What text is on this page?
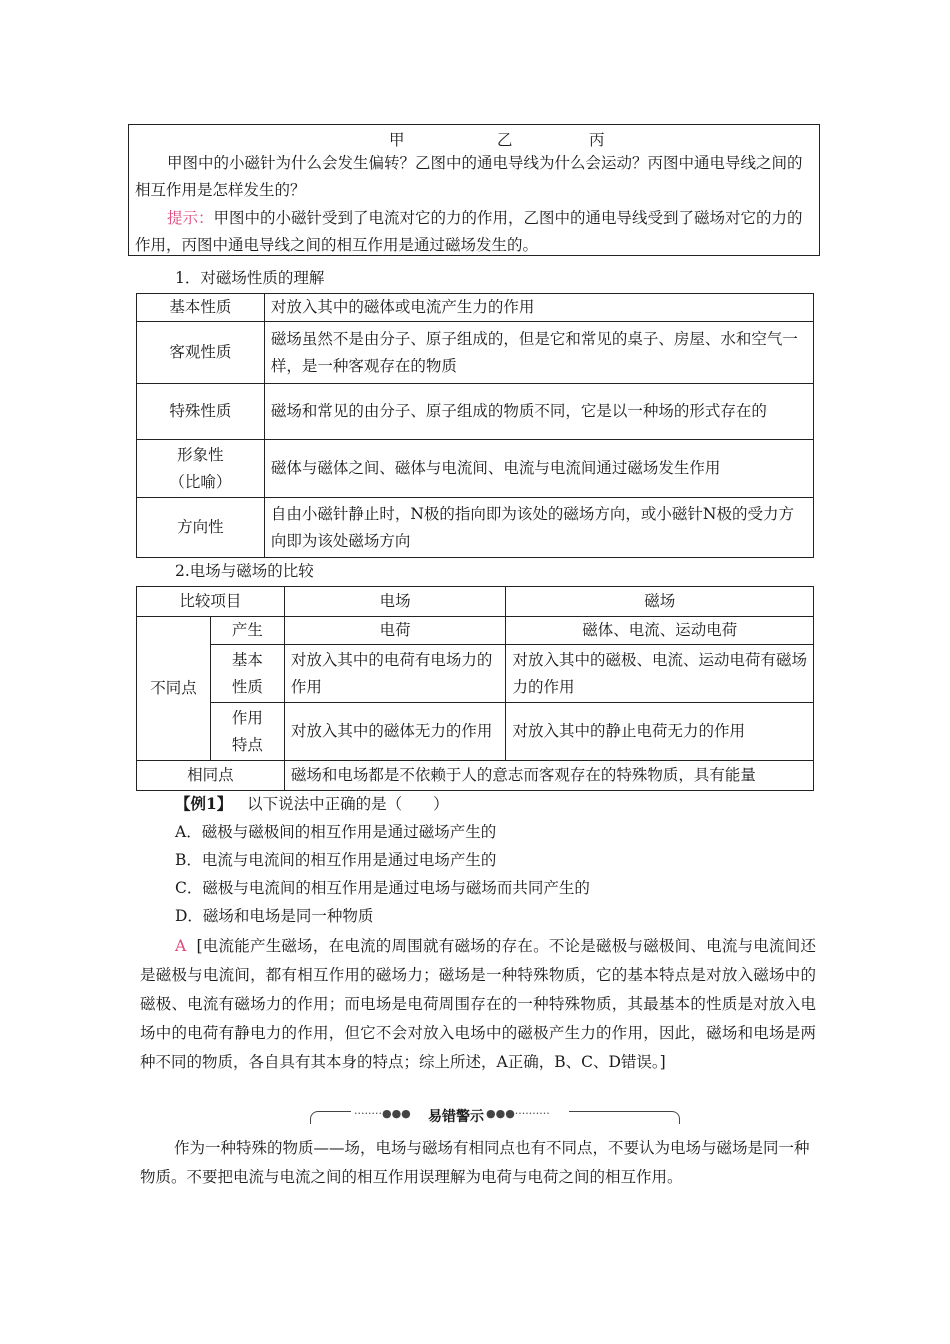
甲	乙	丙
甲图中的小磁针为什么会发生偏转？乙图中的通电导线为什么会运动？丙图中通电导线之间的相互作用是怎样发生的？
提示：甲图中的小磁针受到了电流对它的力的作用，乙图中的通电导线受到了磁场对它的力的作用，丙图中通电导线之间的相互作用是通过磁场发生的。
1．对磁场性质的理解
基本性质	对放入其中的磁体或电流产生力的作用
客观性质	磁场虽然不是由分子、原子组成的，但是它和常见的桌子、房屋、水和空气一样，是一种客观存在的物质
特殊性质	磁场和常见的由分子、原子组成的物质不同，它是以一种场的形式存在的

形象性
（比喻）	磁体与磁体之间、磁体与电流间、电流与电流间通过磁场发生作用
方向性	自由小磁针静止时，N极的指向即为该处的磁场方向，或小磁针N极的受力方向即为该处磁场方向
2.电场与磁场的比较
比较项目		电场	磁场
不同点	产生	电荷	磁体、电流、运动电荷

	基本
性质	对放入其中的电荷有电场力的作用	对放入其中的磁极、电流、运动电荷有磁场力的作用

	作用
特点	对放入其中的磁体无力的作用	对放入其中的静止电荷无力的作用
相同点		磁场和电场都是不依赖于人的意志而客观存在的特殊物质，具有能量	
【例1】 以下说法中正确的是（　　）
A．磁极与磁极间的相互作用是通过磁场产生的
B．电流与电流间的相互作用是通过电场产生的
C．磁极与电流间的相互作用是通过电场与磁场而共同产生的
D．磁场和电场是同一种物质
A [电流能产生磁场，在电流的周围就有磁场的存在。不论是磁极与磁极间、电流与电流间还是磁极与电流间，都有相互作用的磁场力；磁场是一种特殊物质，它的基本特点是对放入磁场中的磁极、电流有磁场力的作用；而电场是电荷周围存在的一种特殊物质，其最基本的性质是对放入电场中的电荷有静电力的作用，但它不会对放入电场中的磁极产生力的作用，因此，磁场和电场是两种不同的物质，各自具有其本身的特点；综上所述，A正确，B、C、D错误。]
········●●● 易错警示 ●●●··········
作为一种特殊的物质——场，电场与磁场有相同点也有不同点，不要认为电场与磁场是同一种物质。不要把电流与电流之间的相互作用误理解为电荷与电荷之间的相互作用。
